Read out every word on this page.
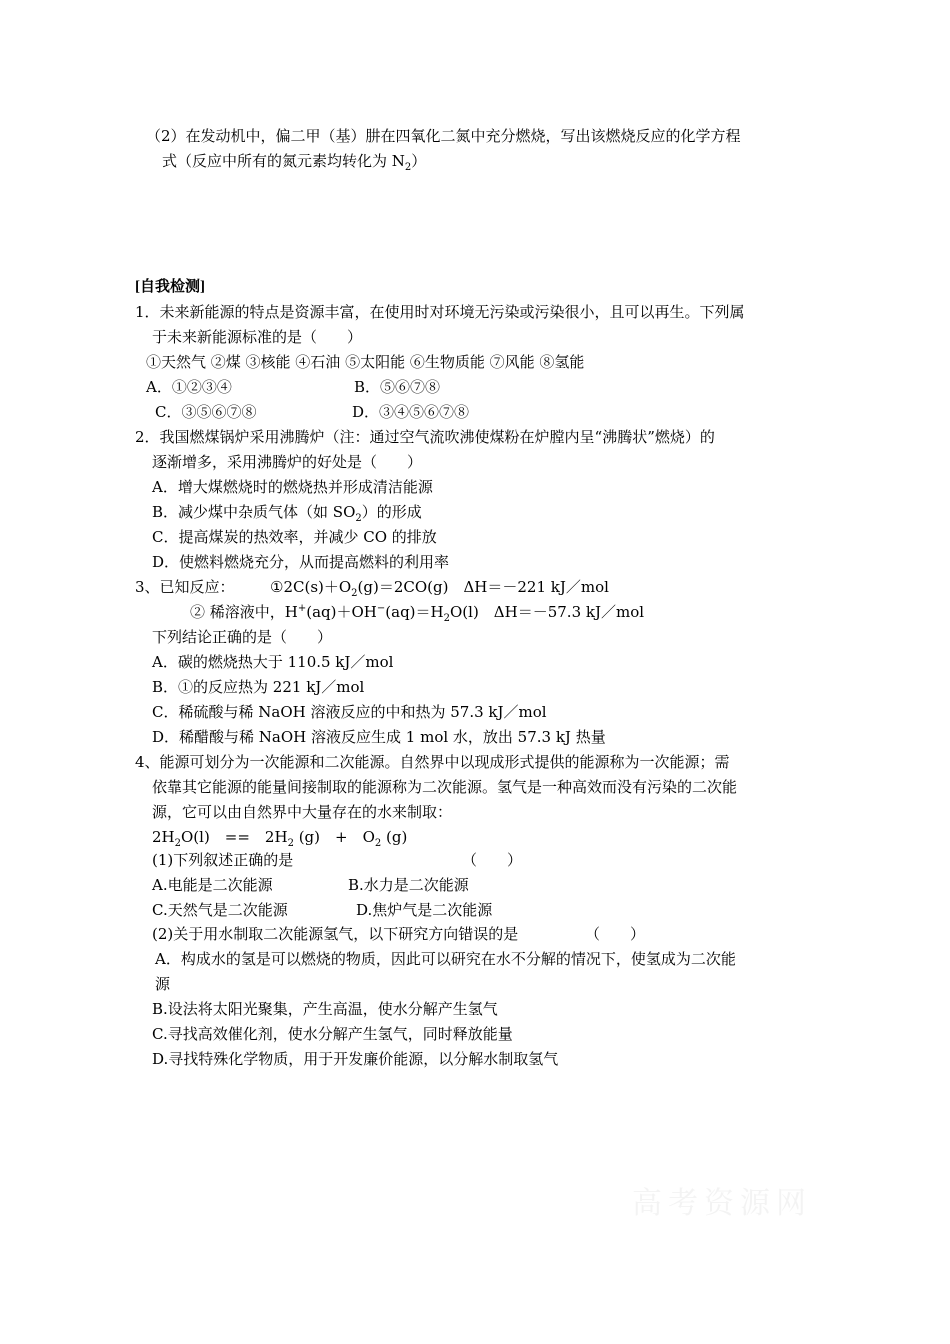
（2）在发动机中，偏二甲（基）肼在四氧化二氮中充分燃烧，写出该燃烧反应的化学方程
式（反应中所有的氮元素均转化为 $N_2$）
[自我检测]
1．未来新能源的特点是资源丰富，在使用时对环境无污染或污染很小，且可以再生。下列属
于未来新能源标准的是（　　）
①天然气 ②煤 ③核能 ④石油 ⑤太阳能 ⑥生物质能 ⑦风能 ⑧氢能
A．①②③④	B．⑤⑥⑦⑧
C．③⑤⑥⑦⑧	D．③④⑤⑥⑦⑧
2．我国燃煤锅炉采用沸腾炉（注：通过空气流吹沸使煤粉在炉膛内呈“沸腾状”燃烧）的
逐渐增多，采用沸腾炉的好处是（　　）
A．增大煤燃烧时的燃烧热并形成清洁能源
B．减少煤中杂质气体（如 $SO_2$）的形成
C．提高煤炭的热效率，并减少 CO 的排放
D．使燃料燃烧充分，从而提高燃料的利用率
3、已知反应： $①2C(s)+O_2(g)=2CO(g)$　ΔH＝－221 kJ／mol
② 稀溶液中，$H^+(aq)+OH^-(aq)=H_2O(l)$　ΔH＝－57.3 kJ／mol
下列结论正确的是（　　）
A．碳的燃烧热大于 110.5 kJ／mol
B．①的反应热为 221 kJ／mol
C．稀硫酸与稀 NaOH 溶液反应的中和热为 57.3 kJ／mol
D．稀醋酸与稀 NaOH 溶液反应生成 1 mol 水，放出 57.3 kJ 热量
4、能源可划分为一次能源和二次能源。自然界中以现成形式提供的能源称为一次能源；需
依靠其它能源的能量间接制取的能源称为二次能源。氢气是一种高效而没有污染的二次能
源，它可以由自然界中大量存在的水来制取：
$2H_2O(l)$　==　$2H_2$ (g)　+　$O_2$ (g)
(1)下列叙述正确的是	（　　）
A.电能是二次能源	B.水力是二次能源
C.天然气是二次能源	D.焦炉气是二次能源
(2)关于用水制取二次能源氢气，以下研究方向错误的是	（　　）
A．构成水的氢是可以燃烧的物质，因此可以研究在水不分解的情况下，使氢成为二次能
源
B.设法将太阳光聚集，产生高温，使水分解产生氢气
C.寻找高效催化剂，使水分解产生氢气，同时释放能量
D.寻找特殊化学物质，用于开发廉价能源，以分解水制取氢气
高考资源网
